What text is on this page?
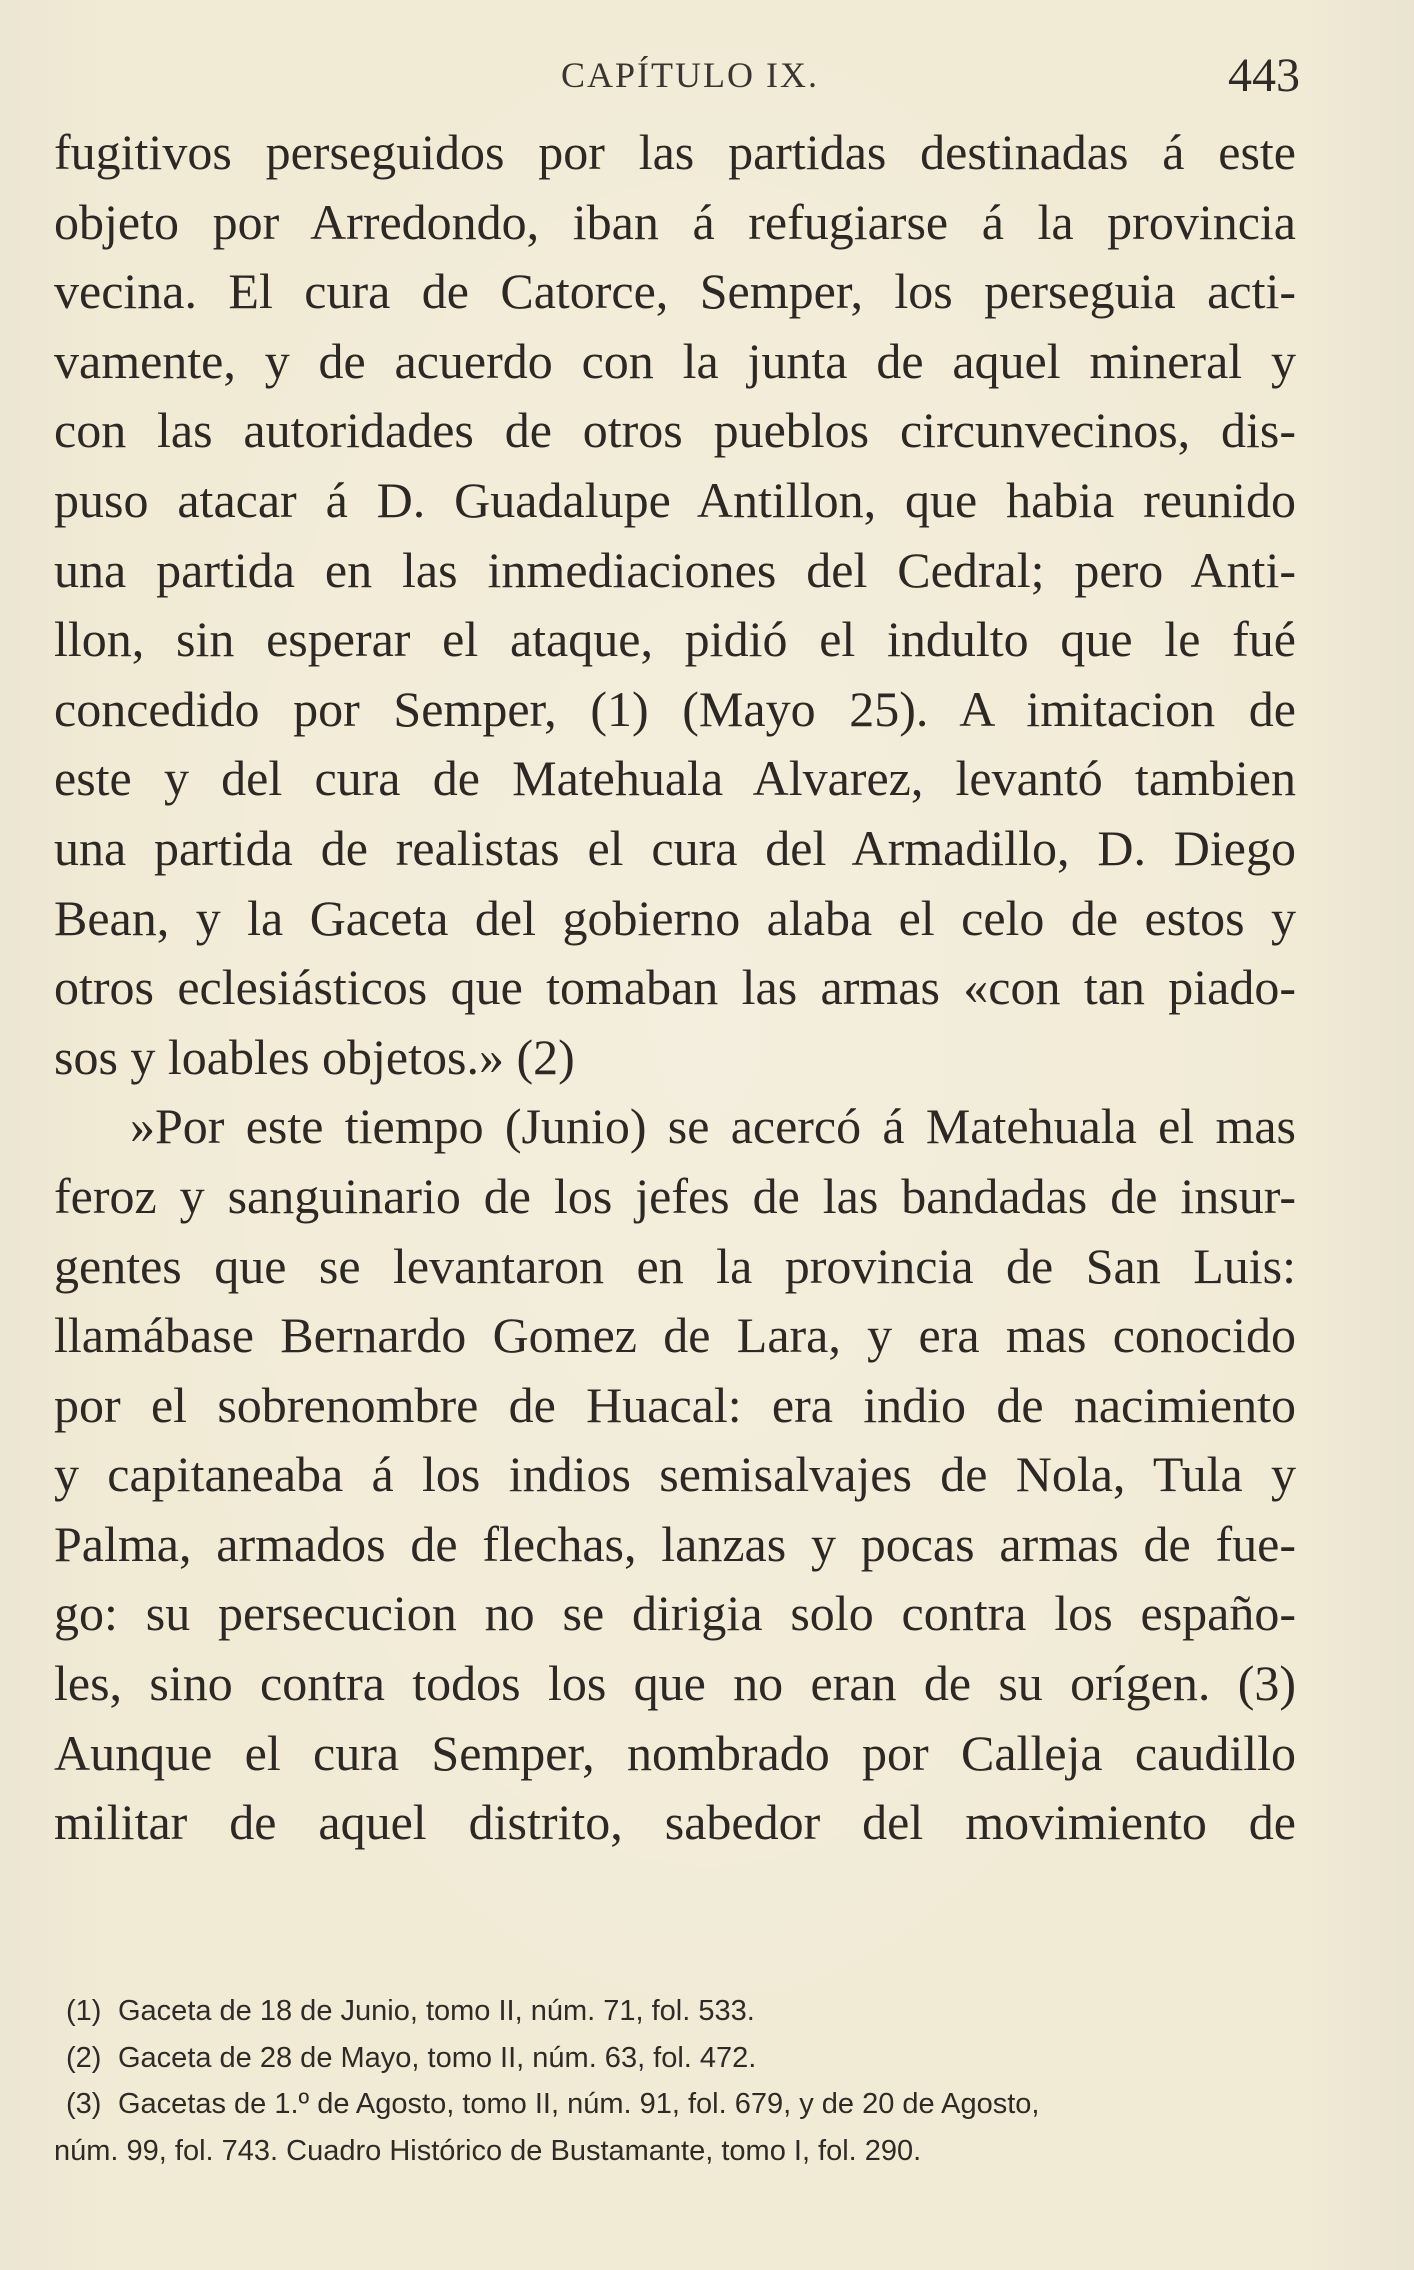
CAPÍTULO IX.	443
fugitivos perseguidos por las partidas destinadas á este
objeto por Arredondo, iban á refugiarse á la provincia
vecina. El cura de Catorce, Semper, los perseguia acti-
vamente, y de acuerdo con la junta de aquel mineral y
con las autoridades de otros pueblos circunvecinos, dis-
puso atacar á D. Guadalupe Antillon, que habia reunido
una partida en las inmediaciones del Cedral; pero Anti-
llon, sin esperar el ataque, pidió el indulto que le fué
concedido por Semper, (1) (Mayo 25). A imitacion de
este y del cura de Matehuala Alvarez, levantó tambien
una partida de realistas el cura del Armadillo, D. Diego
Bean, y la Gaceta del gobierno alaba el celo de estos y
otros eclesiásticos que tomaban las armas «con tan piado-
sos y loables objetos.» (2)
»Por este tiempo (Junio) se acercó á Matehuala el mas
feroz y sanguinario de los jefes de las bandadas de insur-
gentes que se levantaron en la provincia de San Luis:
llamábase Bernardo Gomez de Lara, y era mas conocido
por el sobrenombre de Huacal: era indio de nacimiento
y capitaneaba á los indios semisalvajes de Nola, Tula y
Palma, armados de flechas, lanzas y pocas armas de fue-
go: su persecucion no se dirigia solo contra los españo-
les, sino contra todos los que no eran de su orígen. (3)
Aunque el cura Semper, nombrado por Calleja caudillo
militar de aquel distrito, sabedor del movimiento de
(1) Gaceta de 18 de Junio, tomo II, núm. 71, fol. 533.
(2) Gaceta de 28 de Mayo, tomo II, núm. 63, fol. 472.
(3) Gacetas de 1.º de Agosto, tomo II, núm. 91, fol. 679, y de 20 de Agosto,
núm. 99, fol. 743. Cuadro Histórico de Bustamante, tomo I, fol. 290.
